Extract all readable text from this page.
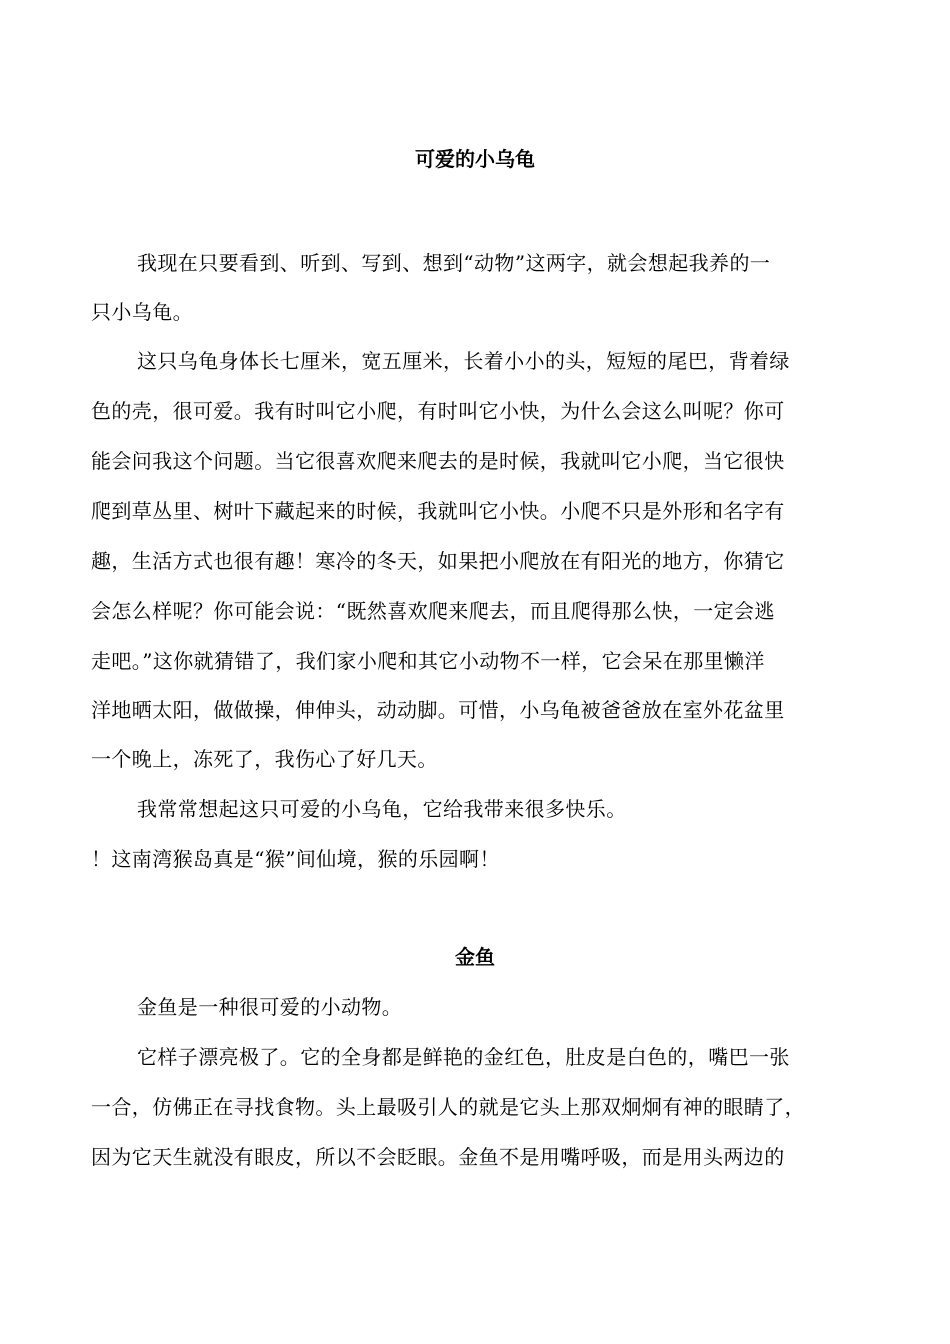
可爱的小乌龟

我现在只要看到、听到、写到、想到“动物”这两字，就会想起我养的一

只小乌龟。

这只乌龟身体长七厘米，宽五厘米，长着小小的头，短短的尾巴，背着绿

色的壳，很可爱。我有时叫它小爬，有时叫它小快，为什么会这么叫呢？你可

能会问我这个问题。当它很喜欢爬来爬去的是时候，我就叫它小爬，当它很快

爬到草丛里、树叶下藏起来的时候，我就叫它小快。小爬不只是外形和名字有

趣，生活方式也很有趣！寒冷的冬天，如果把小爬放在有阳光的地方，你猜它

会怎么样呢？你可能会说：“既然喜欢爬来爬去，而且爬得那么快，一定会逃

走吧。”这你就猜错了，我们家小爬和其它小动物不一样，它会呆在那里懒洋

洋地晒太阳，做做操，伸伸头，动动脚。可惜，小乌龟被爸爸放在室外花盆里

一个晚上，冻死了，我伤心了好几天。

我常常想起这只可爱的小乌龟，它给我带来很多快乐。

！这南湾猴岛真是“猴”间仙境，猴的乐园啊！

金鱼

金鱼是一种很可爱的小动物。

它样子漂亮极了。它的全身都是鲜艳的金红色，肚皮是白色的，嘴巴一张

一合，仿佛正在寻找食物。头上最吸引人的就是它头上那双炯炯有神的眼睛了，

因为它天生就没有眼皮，所以不会眨眼。金鱼不是用嘴呼吸，而是用头两边的
